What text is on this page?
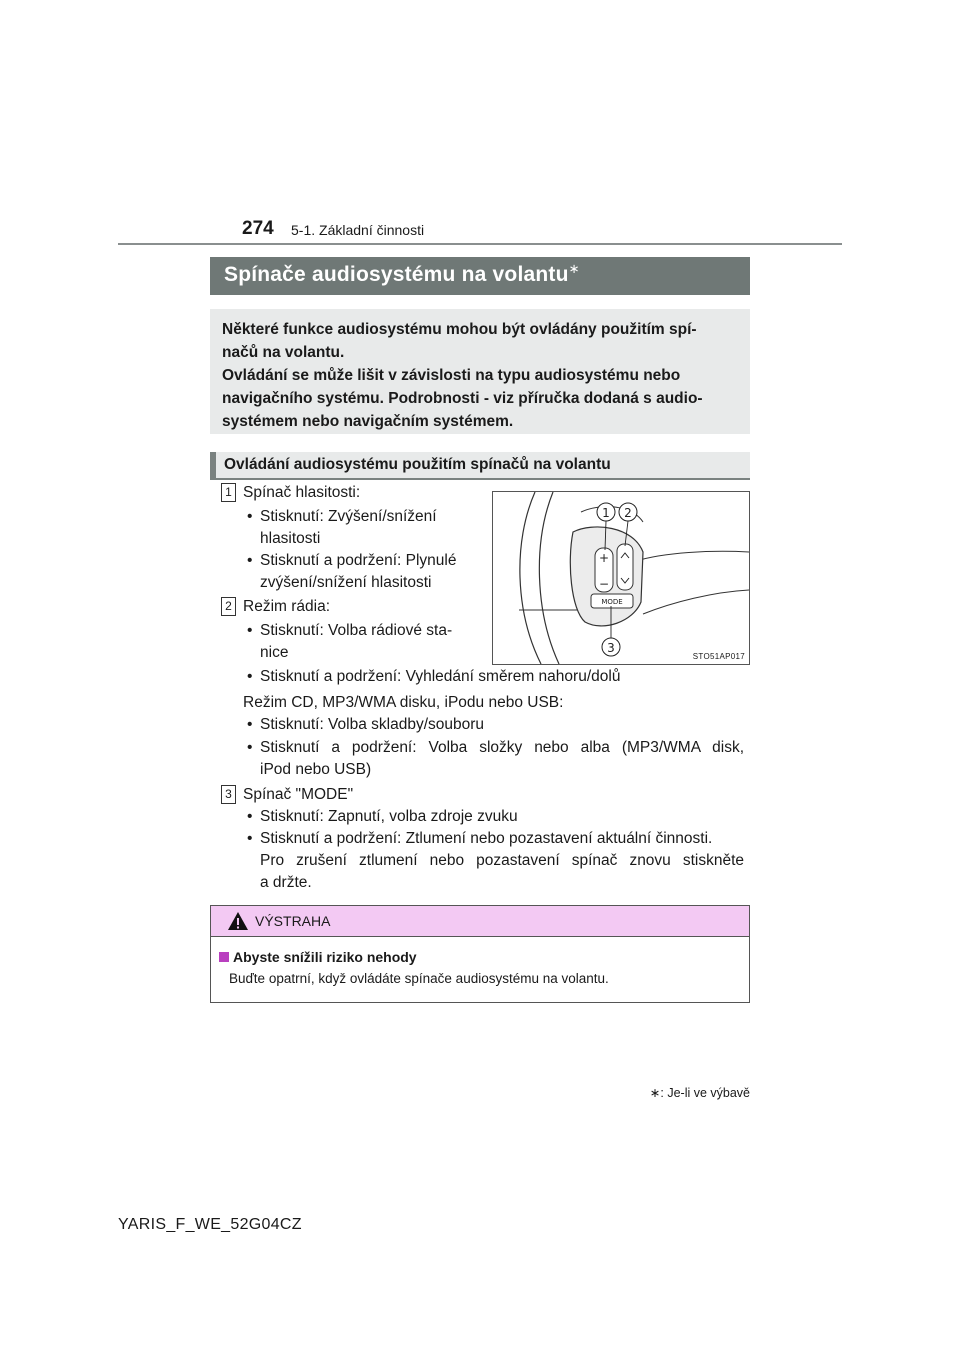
274 5-1. Základní činnosti
Spínače audiosystému na volantu∗

Některé funkce audiosystému mohou být ovládány použitím spí-

načů na volantu.

Ovládání se může lišit v závislosti na typu audiosystému nebo

navigačního systému. Podrobnosti - viz příručka dodaná s audio-

systémem nebo navigačním systémem.

Ovládání audiosystému použitím spínačů na volantu
1 Spínač hlasitosti:
• Stisknutí: Zvýšení/snížení
hlasitosti
• Stisknutí a podržení: Plynulé
zvýšení/snížení hlasitosti
2 Režim rádia:
• Stisknutí: Volba rádiové sta-
nice
• Stisknutí a podržení: Vyhledání směrem nahoru/dolů
Režim CD, MP3/WMA disku, iPodu nebo USB:
• Stisknutí: Volba skladby/souboru
• Stisknutí a podržení: Volba složky nebo alba (MP3/WMA disk,
iPod nebo USB)
3 Spínač "MODE"
• Stisknutí: Zapnutí, volba zdroje zvuku
• Stisknutí a podržení: Ztlumení nebo pozastavení aktuální činnosti.
Pro zrušení ztlumení nebo pozastavení spínač znovu stiskněte
a držte.
+
−
MODE
1 2
3
STO51AP017
VÝSTRAHA
Abyste snížili riziko nehody
Buďte opatrní, když ovládáte spínače audiosystému na volantu.
∗: Je-li ve výbavě
YARIS_F_WE_52G04CZ
